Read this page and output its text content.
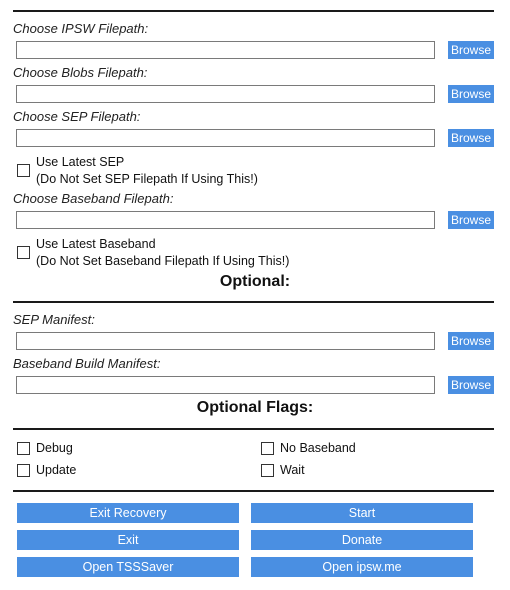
Choose IPSW Filepath:
Browse
Choose Blobs Filepath:
Browse
Choose SEP Filepath:
Browse
Use Latest SEP
(Do Not Set SEP Filepath If Using This!)
Choose Baseband Filepath:
Browse
Use Latest Baseband
(Do Not Set Baseband Filepath If Using This!)
Optional:
SEP Manifest:
Browse
Baseband Build Manifest:
Browse
Optional Flags:
Debug
Update
No Baseband
Wait
Exit Recovery	Start
Exit	Donate
Open TSSSaver	Open ipsw.me
